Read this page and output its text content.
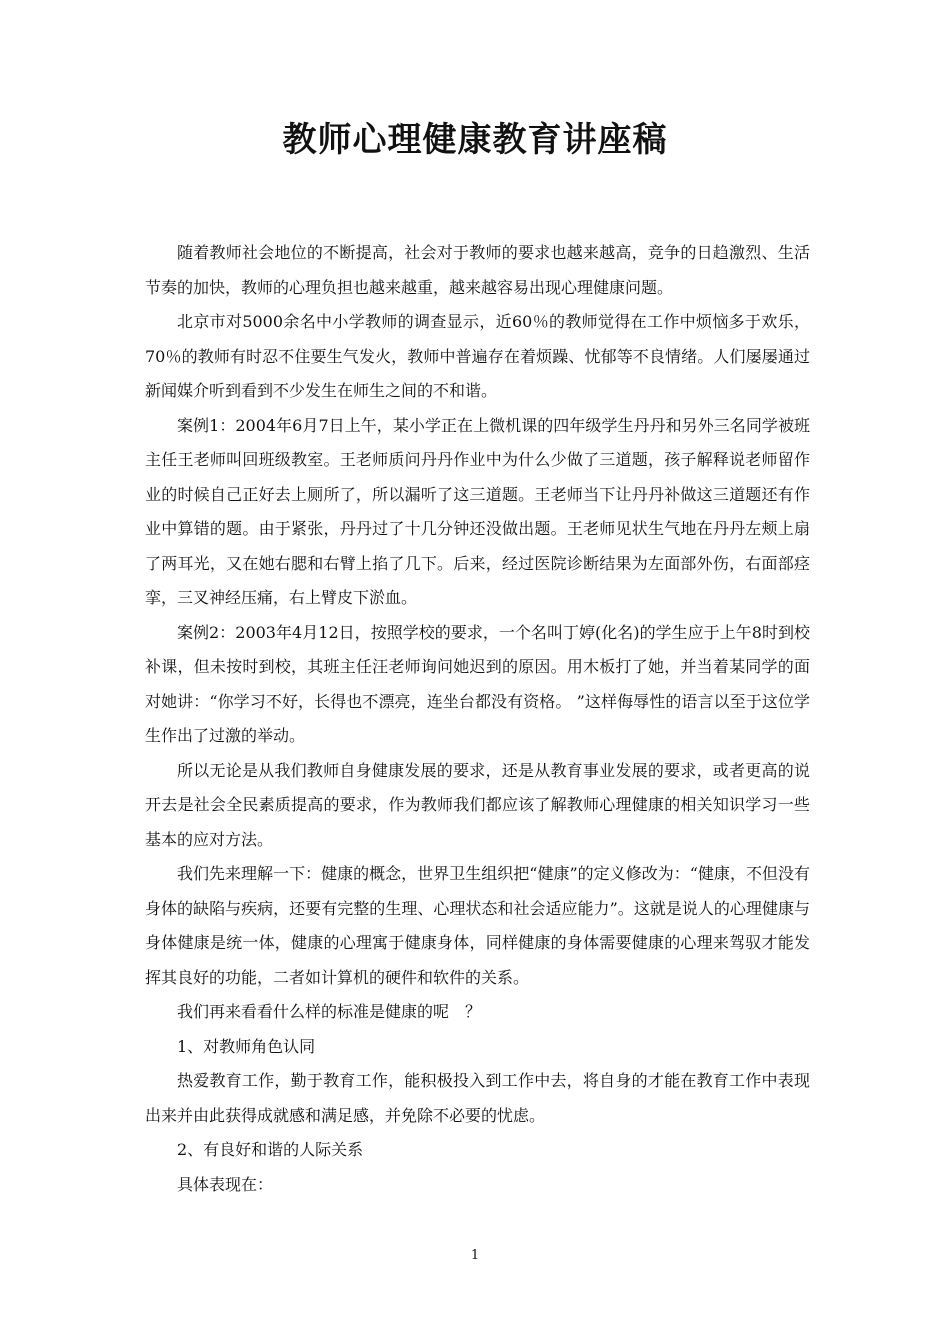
教师心理健康教育讲座稿

随着教师社会地位的不断提高，社会对于教师的要求也越来越高，竞争的日趋激烈、生活节奏的加快，教师的心理负担也越来越重，越来越容易出现心理健康问题。

北京市对5000余名中小学教师的调查显示，近60％的教师觉得在工作中烦恼多于欢乐，70％的教师有时忍不住要生气发火，教师中普遍存在着烦躁、忧郁等不良情绪。人们屡屡通过新闻媒介听到看到不少发生在师生之间的不和谐。

案例1：2004年6月7日上午，某小学正在上微机课的四年级学生丹丹和另外三名同学被班主任王老师叫回班级教室。王老师质问丹丹作业中为什么少做了三道题，孩子解释说老师留作业的时候自己正好去上厕所了，所以漏听了这三道题。王老师当下让丹丹补做这三道题还有作业中算错的题。由于紧张，丹丹过了十几分钟还没做出题。王老师见状生气地在丹丹左颊上扇了两耳光，又在她右腮和右臂上掐了几下。后来，经过医院诊断结果为左面部外伤，右面部痉挛，三叉神经压痛，右上臂皮下淤血。

案例2：2003年4月12日，按照学校的要求，一个名叫丁婷(化名)的学生应于上午8时到校补课，但未按时到校，其班主任汪老师询问她迟到的原因。用木板打了她，并当着某同学的面对她讲：“你学习不好，长得也不漂亮，连坐台都没有资格。 ”这样侮辱性的语言以至于这位学生作出了过激的举动。

所以无论是从我们教师自身健康发展的要求，还是从教育事业发展的要求，或者更高的说开去是社会全民素质提高的要求，作为教师我们都应该了解教师心理健康的相关知识学习一些基本的应对方法。

我们先来理解一下：健康的概念，世界卫生组织把“健康”的定义修改为：“健康，不但没有身体的缺陷与疾病，还要有完整的生理、心理状态和社会适应能力”。这就是说人的心理健康与身体健康是统一体，健康的心理寓于健康身体，同样健康的身体需要健康的心理来驾驭才能发挥其良好的功能，二者如计算机的硬件和软件的关系。

我们再来看看什么样的标准是健康的呢　？

1、对教师角色认同

热爱教育工作，勤于教育工作，能积极投入到工作中去，将自身的才能在教育工作中表现出来并由此获得成就感和满足感，并免除不必要的忧虑。

2、有良好和谐的人际关系

具体表现在：

1
